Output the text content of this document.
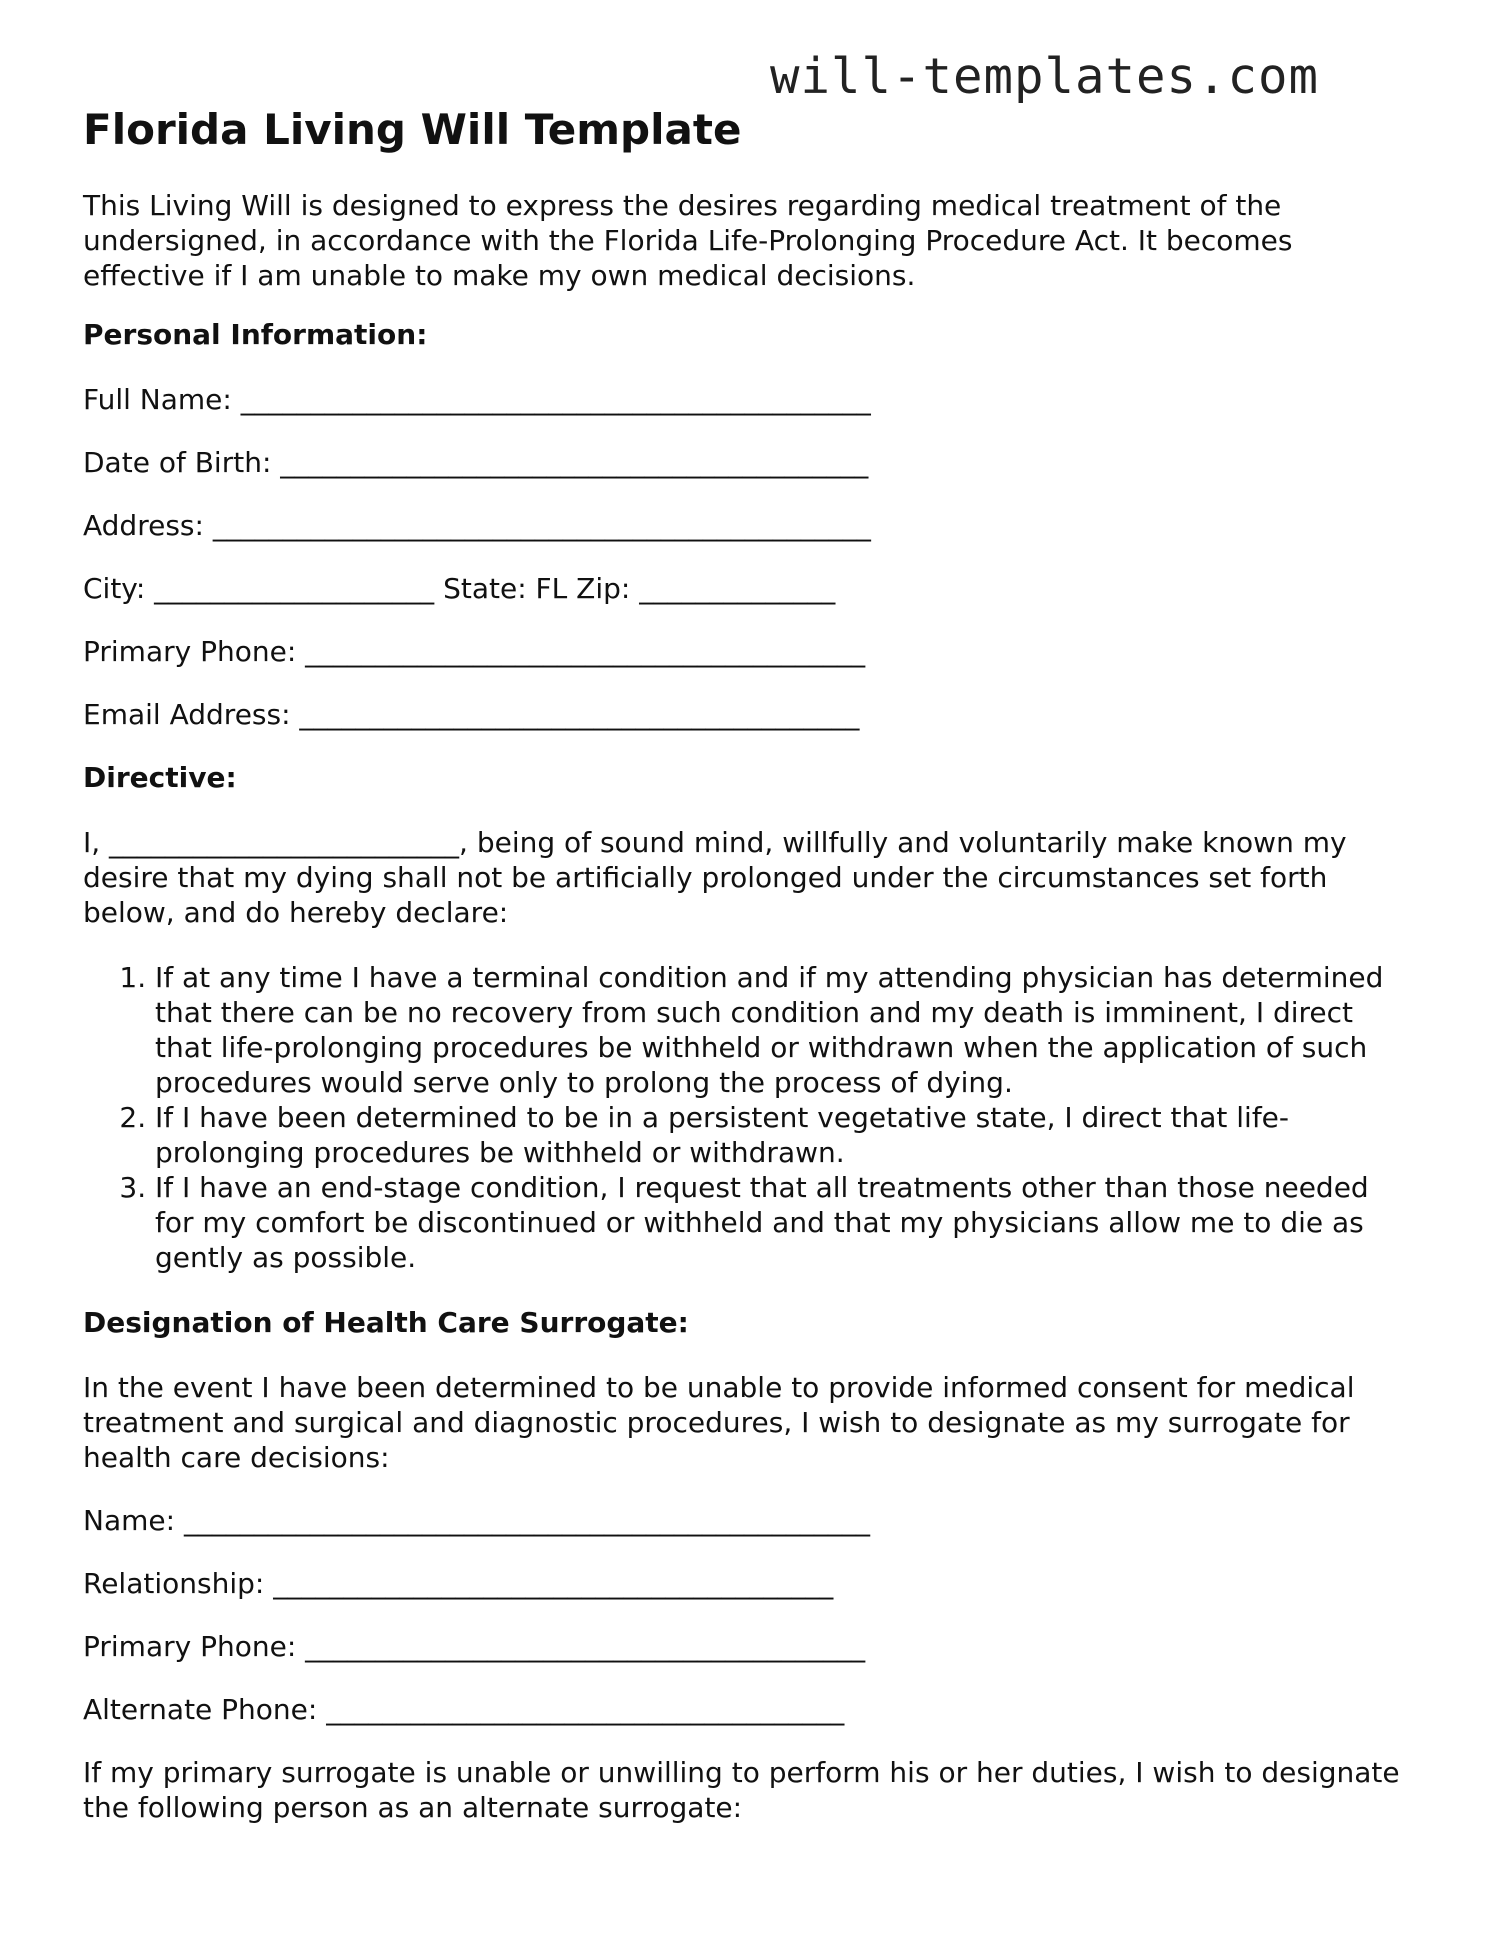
will-templates.com
Florida Living Will Template

This Living Will is designed to express the desires regarding medical treatment of the undersigned, in accordance with the Florida Life-Prolonging Procedure Act. It becomes effective if I am unable to make my own medical decisions.

Personal Information:
Full Name: _____________________________________________
Date of Birth: __________________________________________
Address: _______________________________________________
City: ____________________ State: FL Zip: ______________
Primary Phone: ________________________________________
Email Address: ________________________________________
Directive:
I, _________________________, being of sound mind, willfully and voluntarily make known my desire that my dying shall not be artificially prolonged under the circumstances set forth below, and do hereby declare:
1. If at any time I have a terminal condition and if my attending physician has determined that there can be no recovery from such condition and my death is imminent, I direct that life-prolonging procedures be withheld or withdrawn when the application of such procedures would serve only to prolong the process of dying.
2. If I have been determined to be in a persistent vegetative state, I direct that life-prolonging procedures be withheld or withdrawn.
3. If I have an end-stage condition, I request that all treatments other than those needed for my comfort be discontinued or withheld and that my physicians allow me to die as gently as possible.
Designation of Health Care Surrogate:
In the event I have been determined to be unable to provide informed consent for medical treatment and surgical and diagnostic procedures, I wish to designate as my surrogate for health care decisions:
Name: _________________________________________________
Relationship: ________________________________________
Primary Phone: ________________________________________
Alternate Phone: _____________________________________
If my primary surrogate is unable or unwilling to perform his or her duties, I wish to designate the following person as an alternate surrogate:
